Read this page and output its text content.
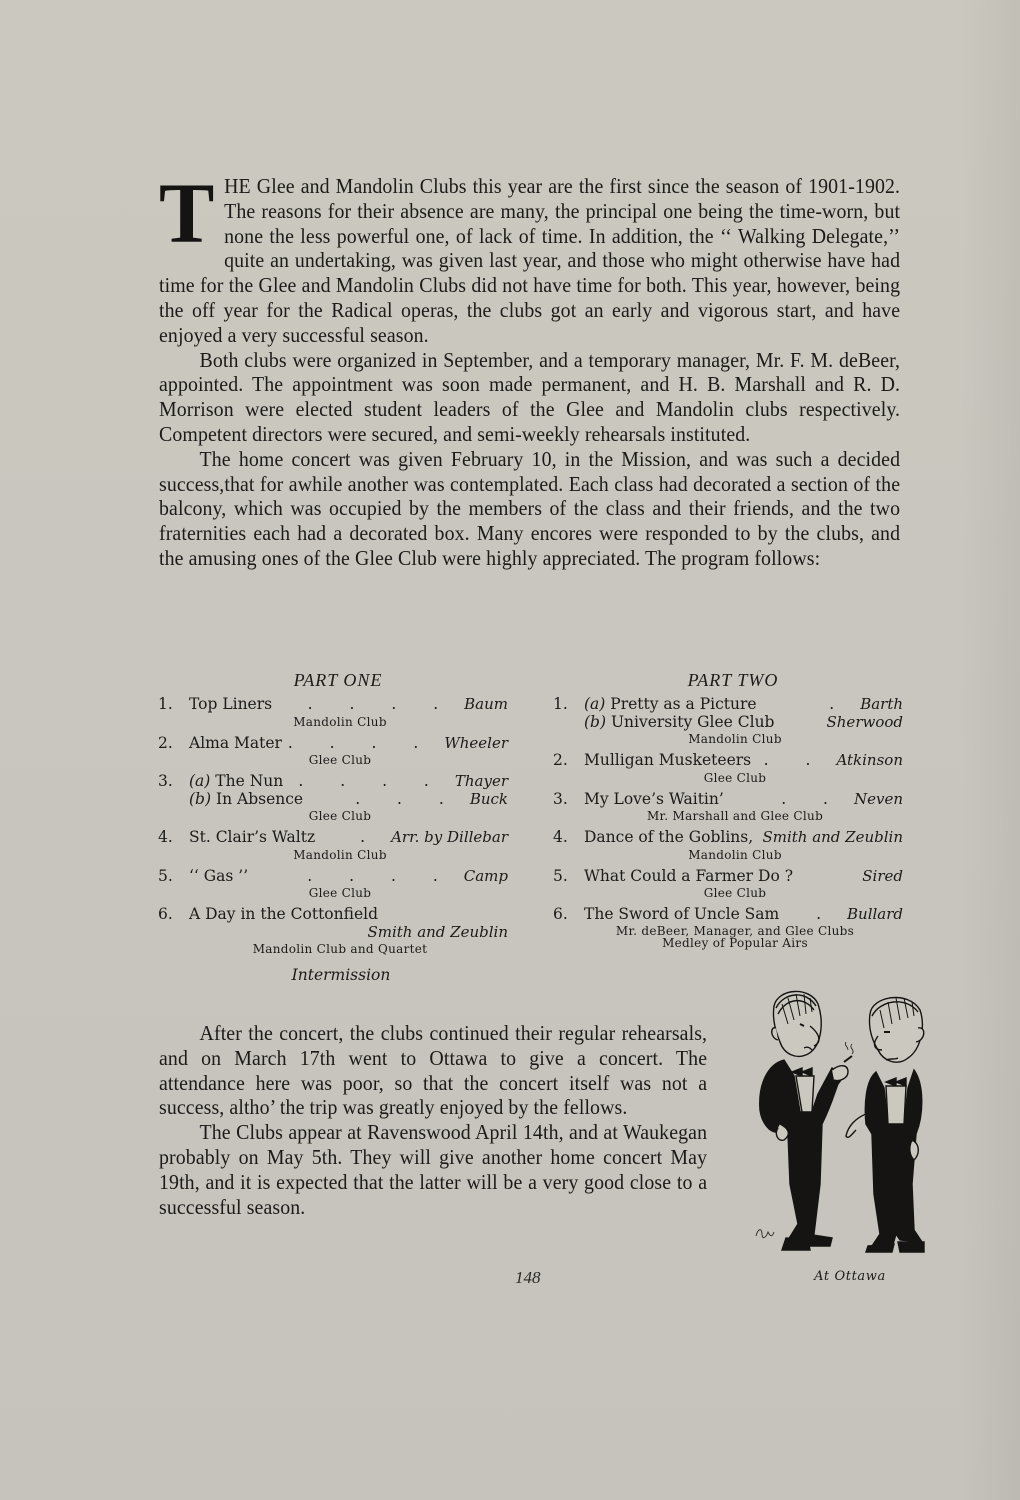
THE Glee and Mandolin Clubs this year are the first since the season of 1901-1902. The reasons for their absence are many, the principal one being the time-worn, but none the less powerful one, of lack of time. In addition, the ‘‘ Walking Delegate,’’ quite an undertaking, was given last year, and those who might otherwise have had time for the Glee and Mandolin Clubs did not have time for both. This year, however, being the off year for the Radical operas, the clubs got an early and vigorous start, and have enjoyed a very successful season.

Both clubs were organized in September, and a temporary manager, Mr. F. M. deBeer, appointed. The appointment was soon made permanent, and H. B. Marshall and R. D. Morrison were elected student leaders of the Glee and Mandolin clubs respectively. Competent directors were secured, and semi-weekly rehearsals instituted.

The home concert was given February 10, in the Mission, and was such a decided success,that for awhile another was contemplated. Each class had decorated a section of the balcony, which was occupied by the members of the class and their friends, and the two fraternities each had a decorated box. Many encores were responded to by the clubs, and the amusing ones of the Glee Club were highly appreciated. The program follows:

PART ONE
1.	Top Liners	. . . . Baum
Mandolin Club
2.	Alma Mater . . . . Wheeler
Glee Club
3.	(a) The Nun . . . . Thayer
(b) In Absence	. . . Buck
Glee Club
4.	St. Clair’s Waltz	. Arr. by Dillebar
Mandolin Club
5.	‘‘ Gas ’’	. . . . Camp
Glee Club
6.	A Day in the Cottonfield
Smith and Zeublin
Mandolin Club and Quartet
Intermission
PART TWO
1.	(a) Pretty as a Picture	. Barth
(b) University Glee Club	Sherwood
Mandolin Club
2.	Mulligan Musketeers . . Atkinson
Glee Club
3.	My Love’s Waitin’	. . Neven
Mr. Marshall and Glee Club
4.	Dance of the Goblins, Smith and Zeublin
Mandolin Club
5.	What Could a Farmer Do ?	Sired
Glee Club
6.	The Sword of Uncle Sam	. Bullard
Mr. deBeer, Manager, and Glee Clubs
Medley of Popular Airs

After the concert, the clubs continued their regular rehearsals, and on March 17th went to Ottawa to give a concert. The attendance here was poor, so that the concert itself was not a success, altho’ the trip was greatly enjoyed by the fellows.

The Clubs appear at Ravenswood April 14th, and at Waukegan probably on May 5th. They will give another home concert May 19th, and it is expected that the latter will be a very good close to a successful season.

At Ottawa
148
